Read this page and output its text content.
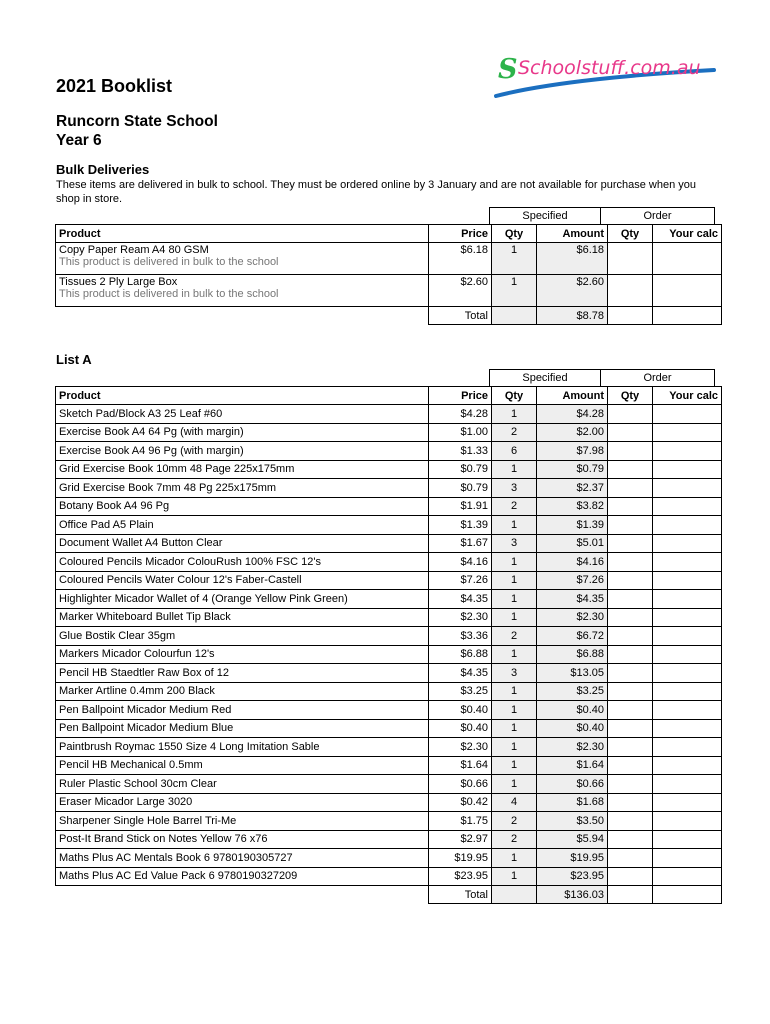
S Schoolstuff.com.au
2021 Booklist
Runcorn State School
Year 6
Bulk Deliveries

These items are delivered in bulk to school. They must be ordered online by 3 January and are not available for purchase when you shop in store.

Specified	Order
Product	Price	Qty	Amount	Qty	Your calc

Copy Paper Ream A4 80 GSM
This product is delivered in bulk to the school	$6.18	1	$6.18		

Tissues 2 Ply Large Box
This product is delivered in bulk to the school	$2.60	1	$2.60		
	Total		$8.78		
List A
Specified	Order
Product	Price	Qty	Amount	Qty	Your calc
Sketch Pad/Block A3 25 Leaf #60	$4.28	1	$4.28		
Exercise Book A4 64 Pg (with margin)	$1.00	2	$2.00		
Exercise Book A4 96 Pg (with margin)	$1.33	6	$7.98		
Grid Exercise Book 10mm 48 Page 225x175mm	$0.79	1	$0.79		
Grid Exercise Book 7mm 48 Pg 225x175mm	$0.79	3	$2.37		
Botany Book A4 96 Pg	$1.91	2	$3.82		
Office Pad A5 Plain	$1.39	1	$1.39		
Document Wallet A4 Button Clear	$1.67	3	$5.01		
Coloured Pencils Micador ColouRush 100% FSC 12's	$4.16	1	$4.16		
Coloured Pencils Water Colour 12's Faber-Castell	$7.26	1	$7.26		
Highlighter Micador Wallet of 4 (Orange Yellow Pink Green)	$4.35	1	$4.35		
Marker Whiteboard Bullet Tip Black	$2.30	1	$2.30		
Glue Bostik Clear 35gm	$3.36	2	$6.72		
Markers Micador Colourfun 12's	$6.88	1	$6.88		
Pencil HB Staedtler Raw Box of 12	$4.35	3	$13.05		
Marker Artline 0.4mm 200 Black	$3.25	1	$3.25		
Pen Ballpoint Micador Medium Red	$0.40	1	$0.40		
Pen Ballpoint Micador Medium Blue	$0.40	1	$0.40		
Paintbrush Roymac 1550 Size 4 Long Imitation Sable	$2.30	1	$2.30		
Pencil HB Mechanical 0.5mm	$1.64	1	$1.64		
Ruler Plastic School 30cm Clear	$0.66	1	$0.66		
Eraser Micador Large 3020	$0.42	4	$1.68		
Sharpener Single Hole Barrel Tri-Me	$1.75	2	$3.50		
Post-It Brand Stick on Notes Yellow 76 x76	$2.97	2	$5.94		
Maths Plus AC Mentals Book 6 9780190305727	$19.95	1	$19.95		
Maths Plus AC Ed Value Pack 6 9780190327209	$23.95	1	$23.95		
	Total		$136.03		
